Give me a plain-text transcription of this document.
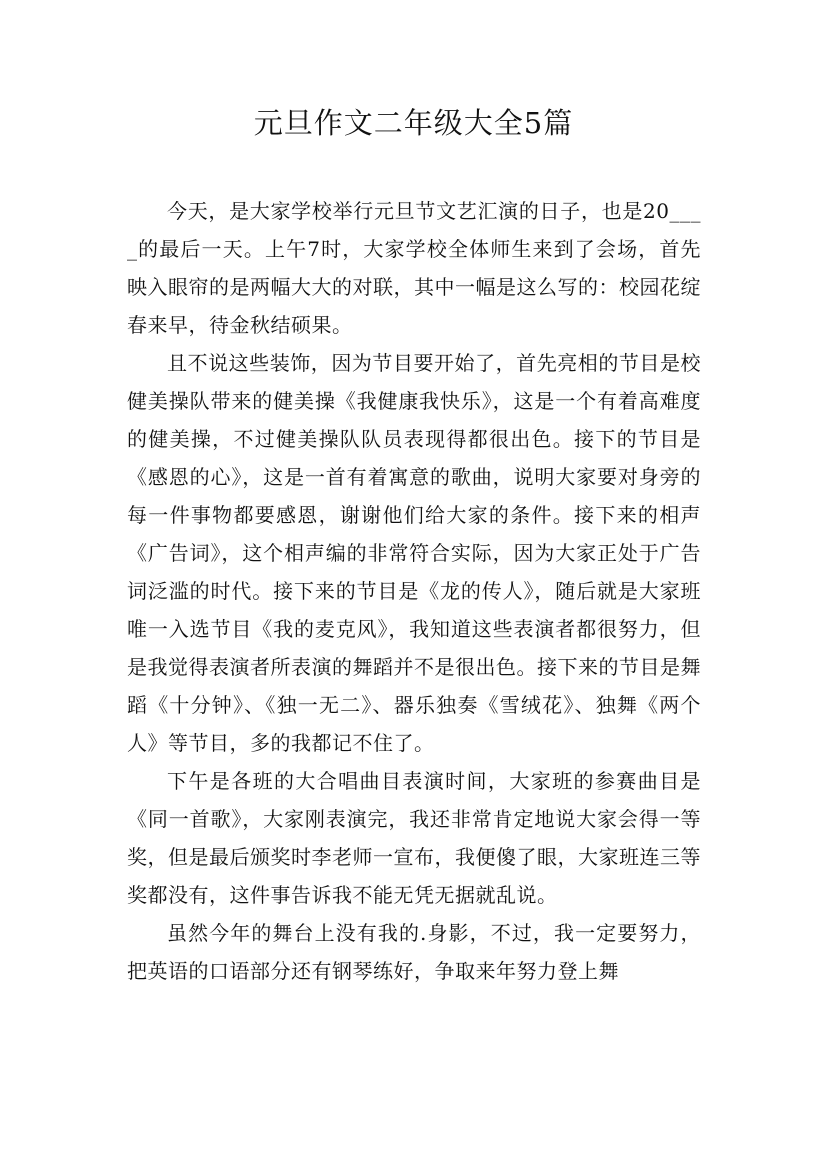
元旦作文二年级大全5篇

今天，是大家学校举行元旦节文艺汇演的日子，也是20____的最后一天。上午7时，大家学校全体师生来到了会场，首先映入眼帘的是两幅大大的对联，其中一幅是这么写的：校园花绽春来早，待金秋结硕果。

且不说这些装饰，因为节目要开始了，首先亮相的节目是校健美操队带来的健美操《我健康我快乐》，这是一个有着高难度的健美操，不过健美操队队员表现得都很出色。接下的节目是《感恩的心》，这是一首有着寓意的歌曲，说明大家要对身旁的每一件事物都要感恩，谢谢他们给大家的条件。接下来的相声《广告词》，这个相声编的非常符合实际，因为大家正处于广告词泛滥的时代。接下来的节目是《龙的传人》，随后就是大家班唯一入选节目《我的麦克风》，我知道这些表演者都很努力，但是我觉得表演者所表演的舞蹈并不是很出色。接下来的节目是舞蹈《十分钟》、《独一无二》、器乐独奏《雪绒花》、独舞《两个人》等节目，多的我都记不住了。

下午是各班的大合唱曲目表演时间，大家班的参赛曲目是《同一首歌》，大家刚表演完，我还非常肯定地说大家会得一等奖，但是最后颁奖时李老师一宣布，我便傻了眼，大家班连三等奖都没有，这件事告诉我不能无凭无据就乱说。

虽然今年的舞台上没有我的.身影，不过，我一定要努力，把英语的口语部分还有钢琴练好，争取来年努力登上舞
